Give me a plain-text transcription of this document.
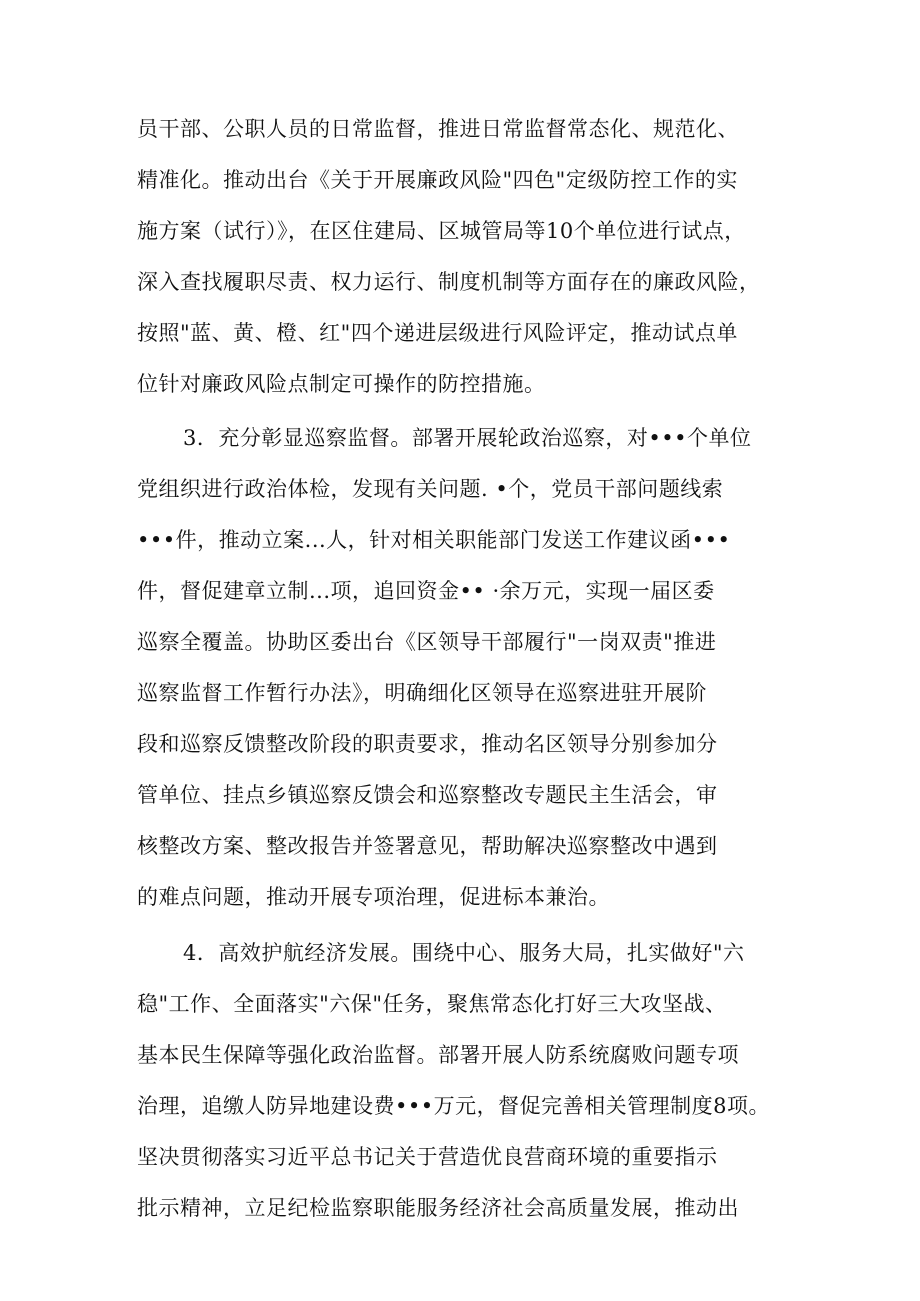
员干部、公职人员的日常监督，推进日常监督常态化、规范化、
精准化。推动出台《关于开展廉政风险"四色"定级防控工作的实
施方案（试行）》，在区住建局、区城管局等10个单位进行试点，
深入查找履职尽责、权力运行、制度机制等方面存在的廉政风险，
按照"蓝、黄、橙、红"四个递进层级进行风险评定，推动试点单
位针对廉政风险点制定可操作的防控措施。
3．充分彰显巡察监督。部署开展轮政治巡察，对•••个单位
党组织进行政治体检，发现有关问题. •个，党员干部问题线索
•••件，推动立案...人，针对相关职能部门发送工作建议函•••
件，督促建章立制...项，追回资金•• ·余万元，实现一届区委
巡察全覆盖。协助区委出台《区领导干部履行"一岗双责"推进
巡察监督工作暂行办法》，明确细化区领导在巡察进驻开展阶
段和巡察反馈整改阶段的职责要求，推动名区领导分别参加分
管单位、挂点乡镇巡察反馈会和巡察整改专题民主生活会，审
核整改方案、整改报告并签署意见，帮助解决巡察整改中遇到
的难点问题，推动开展专项治理，促进标本兼治。
4．高效护航经济发展。围绕中心、服务大局，扎实做好"六
稳"工作、全面落实"六保"任务，聚焦常态化打好三大攻坚战、
基本民生保障等强化政治监督。部署开展人防系统腐败问题专项
治理，追缴人防异地建设费•••万元，督促完善相关管理制度8项。
坚决贯彻落实习近平总书记关于营造优良营商环境的重要指示
批示精神，立足纪检监察职能服务经济社会高质量发展，推动出
